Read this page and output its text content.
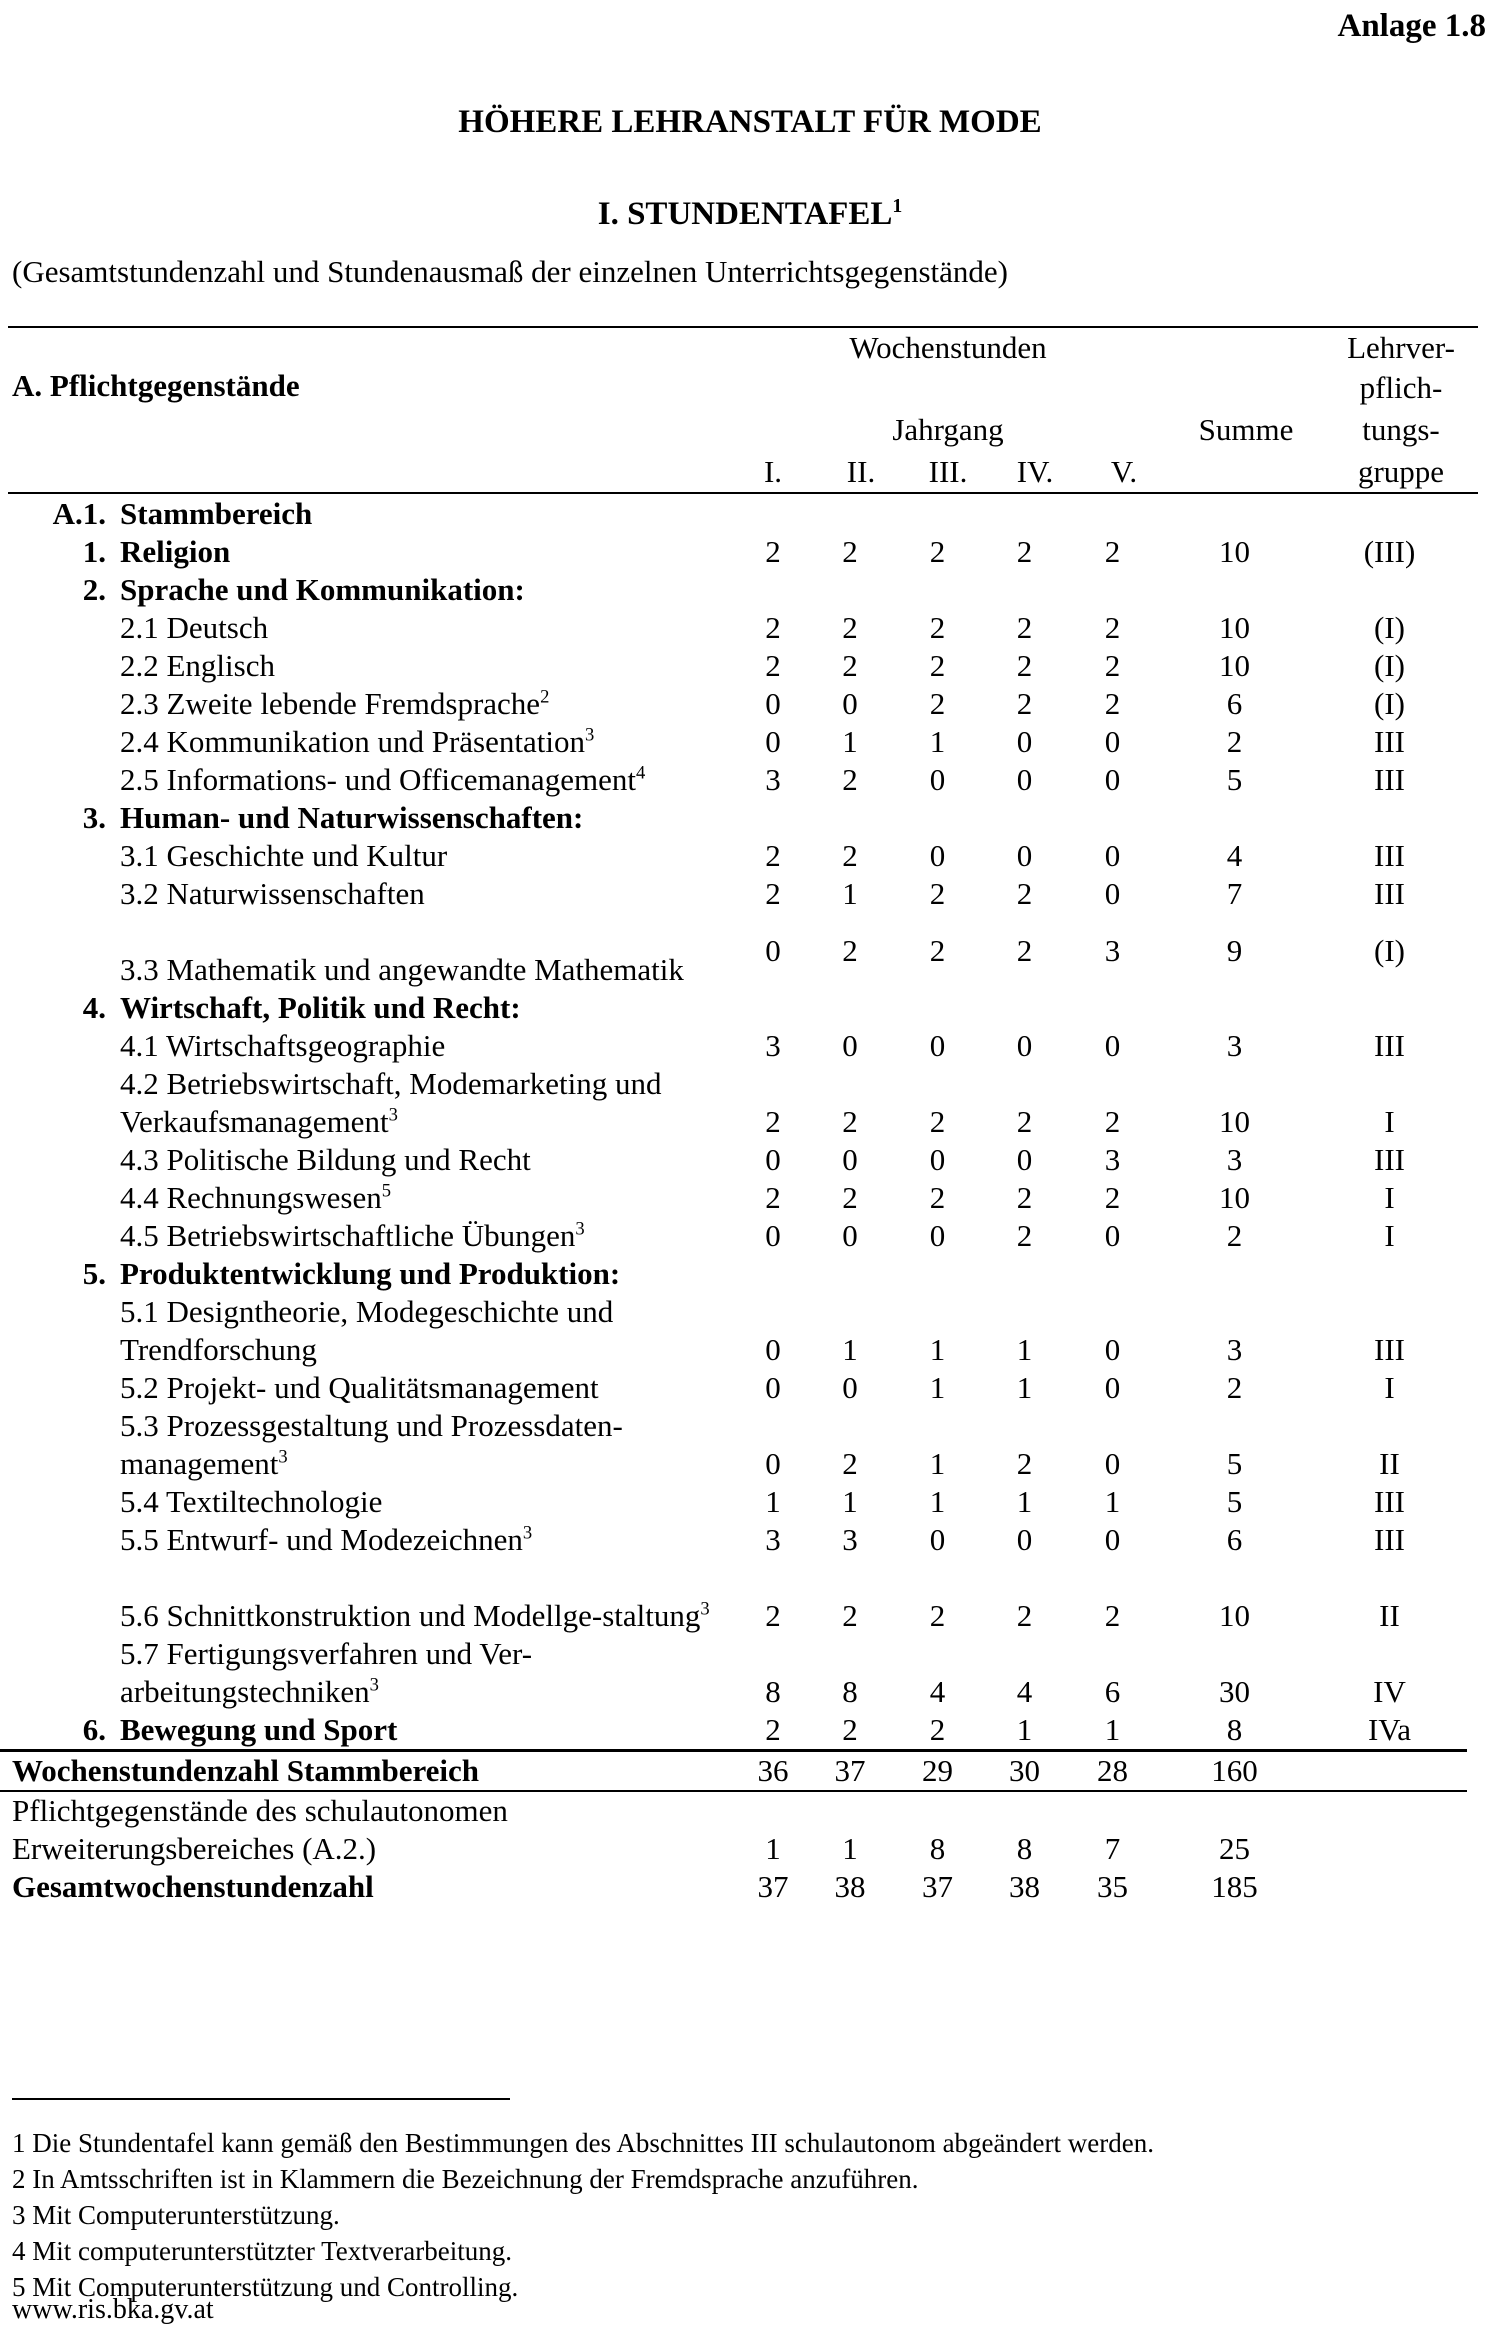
Anlage 1.8
HÖHERE LEHRANSTALT FÜR MODE
I. STUNDENTAFEL$^1$
(Gesamtstundenzahl und Stundenausmaß der einzelnen Unterrichtsgegenstände)
A. Pflichtgegenstände
Wochenstunden
Jahrgang	Summe
I. II. III. IV. V.
Lehrver-
pflich-
tungs-
gruppe
A.1.	Stammbereich							
1.	Religion	2	2	2	2	2	10	(III)
2.	Sprache und Kommunikation:							
	2.1 Deutsch	2	2	2	2	2	10	(I)
	2.2 Englisch	2	2	2	2	2	10	(I)
	2.3 Zweite lebende Fremdsprache$^2$	0	0	2	2	2	6	(I)
	2.4 Kommunikation und Präsentation$^3$	0	1	1	0	0	2	III
	2.5 Informations- und Officemanagement$^4$	3	2	0	0	0	5	III
3.	Human- und Naturwissenschaften:							
	3.1 Geschichte und Kultur	2	2	0	0	0	4	III
	3.2 Naturwissenschaften	2	1	2	2	0	7	III
	3.3 Mathematik und angewandte Mathematik	0	2	2	2	3	9	(I)
4.	Wirtschaft, Politik und Recht:							
	4.1 Wirtschaftsgeographie	3	0	0	0	0	3	III
	4.2 Betriebswirtschaft, Modemarketing und Verkaufsmanagement$^3$	2	2	2	2	2	10	I
	4.3 Politische Bildung und Recht	0	0	0	0	3	3	III
	4.4 Rechnungswesen$^5$	2	2	2	2	2	10	I
	4.5 Betriebswirtschaftliche Übungen$^3$	0	0	0	2	0	2	I
5.	Produktentwicklung und Produktion:							
	5.1 Designtheorie, Modegeschichte und Trendforschung	0	1	1	1	0	3	III
	5.2 Projekt- und Qualitätsmanagement	0	0	1	1	0	2	I
	5.3 Prozessgestaltung und Prozessdaten-management$^3$	0	2	1	2	0	5	II
	5.4 Textiltechnologie	1	1	1	1	1	5	III
	5.5 Entwurf- und Modezeichnen$^3$	3	3	0	0	0	6	III
	5.6 Schnittkonstruktion und Modellge-staltung$^3$	2	2	2	2	2	10	II
	5.7 Fertigungsverfahren und Ver-arbeitungstechniken$^3$	8	8	4	4	6	30	IV
6.	Bewegung und Sport	2	2	2	1	1	8	IVa
Wochenstundenzahl Stammbereich		36	37	29	30	28	160	
Pflichtgegenstände des schulautonomen Erweiterungsbereiches (A.2.)		1	1	8	8	7	25	
Gesamtwochenstundenzahl		37	38	37	38	35	185	
1 Die Stundentafel kann gemäß den Bestimmungen des Abschnittes III schulautonom abgeändert werden.
2 In Amtsschriften ist in Klammern die Bezeichnung der Fremdsprache anzuführen.
3 Mit Computerunterstützung.
4 Mit computerunterstützter Textverarbeitung.
5 Mit Computerunterstützung und Controlling.
www.ris.bka.gv.at
